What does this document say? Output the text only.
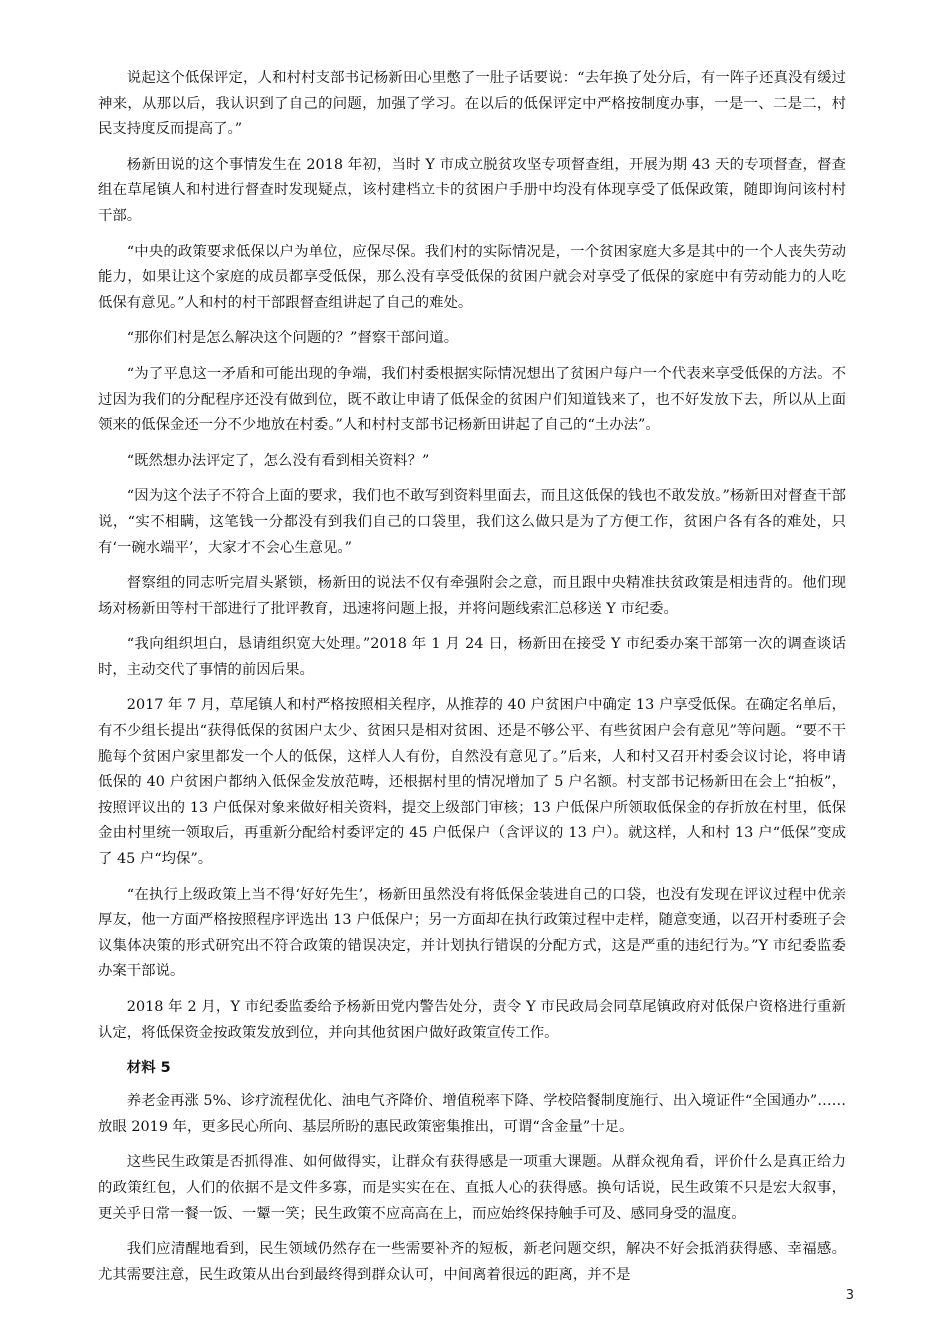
说起这个低保评定，人和村村支部书记杨新田心里憋了一肚子话要说：“去年换了处分后，有一阵子还真没有缓过神来，从那以后，我认识到了自己的问题，加强了学习。在以后的低保评定中严格按制度办事，一是一、二是二，村民支持度反而提高了。”

杨新田说的这个事情发生在 2018 年初，当时 Y 市成立脱贫攻坚专项督查组，开展为期 43 天的专项督查，督查组在草尾镇人和村进行督查时发现疑点，该村建档立卡的贫困户手册中均没有体现享受了低保政策，随即询问该村村干部。

“中央的政策要求低保以户为单位，应保尽保。我们村的实际情况是，一个贫困家庭大多是其中的一个人丧失劳动能力，如果让这个家庭的成员都享受低保，那么没有享受低保的贫困户就会对享受了低保的家庭中有劳动能力的人吃低保有意见。”人和村的村干部跟督查组讲起了自己的难处。

“那你们村是怎么解决这个问题的？”督察干部问道。

“为了平息这一矛盾和可能出现的争端，我们村委根据实际情况想出了贫困户每户一个代表来享受低保的方法。不过因为我们的分配程序还没有做到位，既不敢让申请了低保金的贫困户们知道钱来了，也不好发放下去，所以从上面领来的低保金还一分不少地放在村委。”人和村村支部书记杨新田讲起了自己的“土办法”。

“既然想办法评定了，怎么没有看到相关资料？”

“因为这个法子不符合上面的要求，我们也不敢写到资料里面去，而且这低保的钱也不敢发放。”杨新田对督查干部说，“实不相瞒，这笔钱一分都没有到我们自己的口袋里，我们这么做只是为了方便工作，贫困户各有各的难处，只有‘一碗水端平’，大家才不会心生意见。”

督察组的同志听完眉头紧锁，杨新田的说法不仅有牵强附会之意，而且跟中央精准扶贫政策是相违背的。他们现场对杨新田等村干部进行了批评教育，迅速将问题上报，并将问题线索汇总移送 Y 市纪委。

“我向组织坦白，恳请组织宽大处理。”2018 年 1 月 24 日，杨新田在接受 Y 市纪委办案干部第一次的调查谈话时，主动交代了事情的前因后果。

2017 年 7 月，草尾镇人和村严格按照相关程序，从推荐的 40 户贫困户中确定 13 户享受低保。在确定名单后，有不少组长提出“获得低保的贫困户太少、贫困只是相对贫困、还是不够公平、有些贫困户会有意见”等问题。“要不干脆每个贫困户家里都发一个人的低保，这样人人有份，自然没有意见了。”后来，人和村又召开村委会议讨论，将申请低保的 40 户贫困户都纳入低保金发放范畴，还根据村里的情况增加了 5 户名额。村支部书记杨新田在会上“拍板”，按照评议出的 13 户低保对象来做好相关资料，提交上级部门审核；13 户低保户所领取低保金的存折放在村里，低保金由村里统一领取后，再重新分配给村委评定的 45 户低保户（含评议的 13 户）。就这样，人和村 13 户“低保”变成了 45 户“均保”。

“在执行上级政策上当不得‘好好先生’，杨新田虽然没有将低保金装进自己的口袋，也没有发现在评议过程中优亲厚友，他一方面严格按照程序评选出 13 户低保户；另一方面却在执行政策过程中走样，随意变通，以召开村委班子会议集体决策的形式研究出不符合政策的错误决定，并计划执行错误的分配方式，这是严重的违纪行为。”Y 市纪委监委办案干部说。

2018 年 2 月，Y 市纪委监委给予杨新田党内警告处分，责令 Y 市民政局会同草尾镇政府对低保户资格进行重新认定，将低保资金按政策发放到位，并向其他贫困户做好政策宣传工作。

材料 5

养老金再涨 5%、诊疗流程优化、油电气齐降价、增值税率下降、学校陪餐制度施行、出入境证件“全国通办”……放眼 2019 年，更多民心所向、基层所盼的惠民政策密集推出，可谓“含金量”十足。

这些民生政策是否抓得准、如何做得实，让群众有获得感是一项重大课题。从群众视角看，评价什么是真正给力的政策红包，人们的依据不是文件多寡，而是实实在在、直抵人心的获得感。换句话说，民生政策不只是宏大叙事，更关乎日常一餐一饭、一颦一笑；民生政策不应高高在上，而应始终保持触手可及、感同身受的温度。

我们应清醒地看到，民生领域仍然存在一些需要补齐的短板，新老问题交织，解决不好会抵消获得感、幸福感。尤其需要注意，民生政策从出台到最终得到群众认可，中间离着很远的距离，并不是

3
